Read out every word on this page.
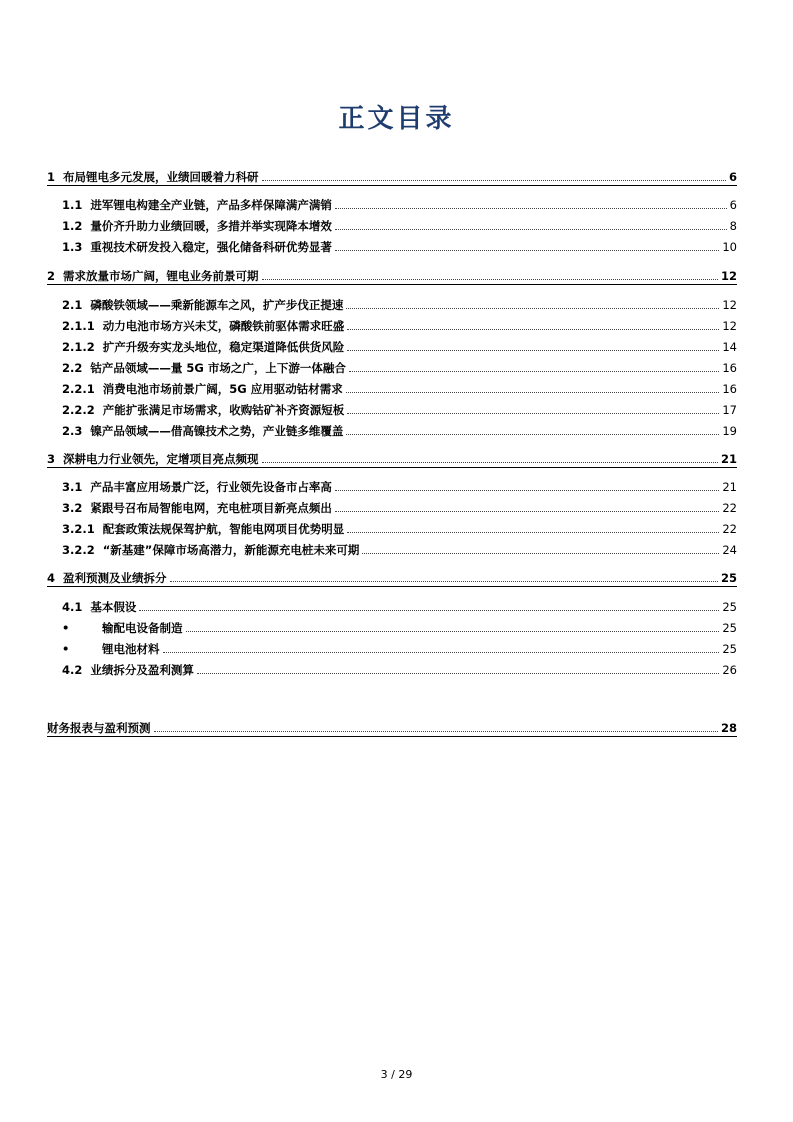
正文目录
1 布局锂电多元发展，业绩回暖着力科研	6
1.1 进军锂电构建全产业链，产品多样保障满产满销	6
1.2 量价齐升助力业绩回暖，多措并举实现降本增效	8
1.3 重视技术研发投入稳定，强化储备科研优势显著	10
2 需求放量市场广阔，锂电业务前景可期	12
2.1 磷酸铁领域——乘新能源车之风，扩产步伐正提速	12
2.1.1 动力电池市场方兴未艾，磷酸铁前驱体需求旺盛	12
2.1.2 扩产升级夯实龙头地位，稳定渠道降低供货风险	14
2.2 钴产品领域——量 5G 市场之广，上下游一体融合	16
2.2.1 消费电池市场前景广阔，5G 应用驱动钴材需求	16
2.2.2 产能扩张满足市场需求，收购钴矿补齐资源短板	17
2.3 镍产品领域——借高镍技术之势，产业链多维覆盖	19
3 深耕电力行业领先，定增项目亮点频现	21
3.1 产品丰富应用场景广泛，行业领先设备市占率高	21
3.2 紧跟号召布局智能电网，充电桩项目新亮点频出	22
3.2.1 配套政策法规保驾护航，智能电网项目优势明显	22
3.2.2 “新基建”保障市场高潜力，新能源充电桩未来可期	24
4 盈利预测及业绩拆分	25
4.1 基本假设	25
•	输配电设备制造	25
•	锂电池材料	25
4.2 业绩拆分及盈利测算	26
财务报表与盈利预测	28
3 / 29
